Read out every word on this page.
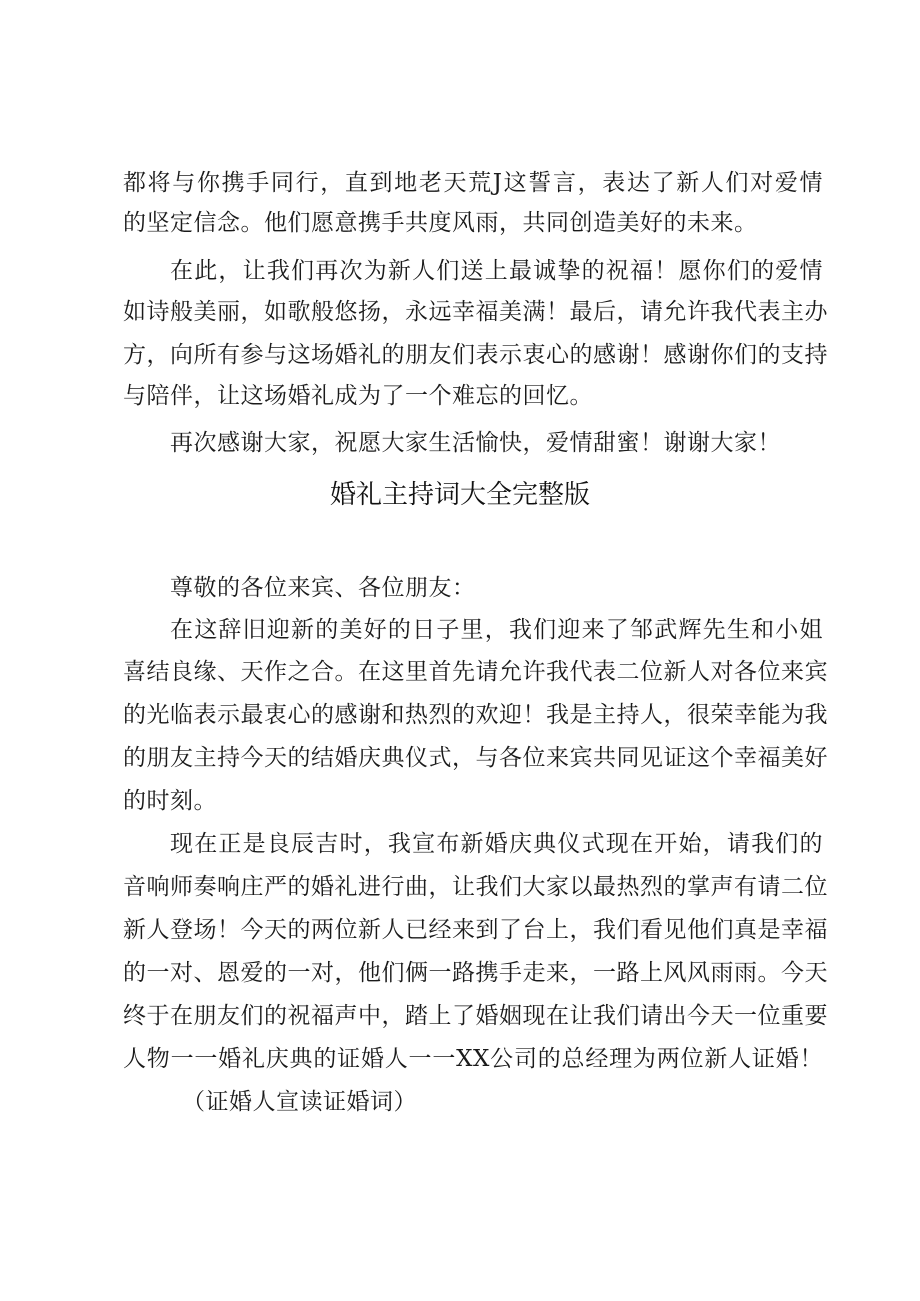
都将与你携手同行，直到地老天荒J这誓言，表达了新人们对爱情
的坚定信念。他们愿意携手共度风雨，共同创造美好的未来。
在此，让我们再次为新人们送上最诚挚的祝福！愿你们的爱情
如诗般美丽，如歌般悠扬，永远幸福美满！最后，请允许我代表主办
方，向所有参与这场婚礼的朋友们表示衷心的感谢！感谢你们的支持
与陪伴，让这场婚礼成为了一个难忘的回忆。
再次感谢大家，祝愿大家生活愉快，爱情甜蜜！谢谢大家！
婚礼主持词大全完整版
尊敬的各位来宾、各位朋友：
在这辞旧迎新的美好的日子里，我们迎来了邹武辉先生和小姐
喜结良缘、天作之合。在这里首先请允许我代表二位新人对各位来宾
的光临表示最衷心的感谢和热烈的欢迎！我是主持人，很荣幸能为我
的朋友主持今天的结婚庆典仪式，与各位来宾共同见证这个幸福美好
的时刻。
现在正是良辰吉时，我宣布新婚庆典仪式现在开始，请我们的
音响师奏响庄严的婚礼进行曲，让我们大家以最热烈的掌声有请二位
新人登场！今天的两位新人已经来到了台上，我们看见他们真是幸福
的一对、恩爱的一对，他们俩一路携手走来，一路上风风雨雨。今天
终于在朋友们的祝福声中，踏上了婚姻现在让我们请出今天一位重要
人物一一婚礼庆典的证婚人一一XX公司的总经理为两位新人证婚！
（证婚人宣读证婚词）
